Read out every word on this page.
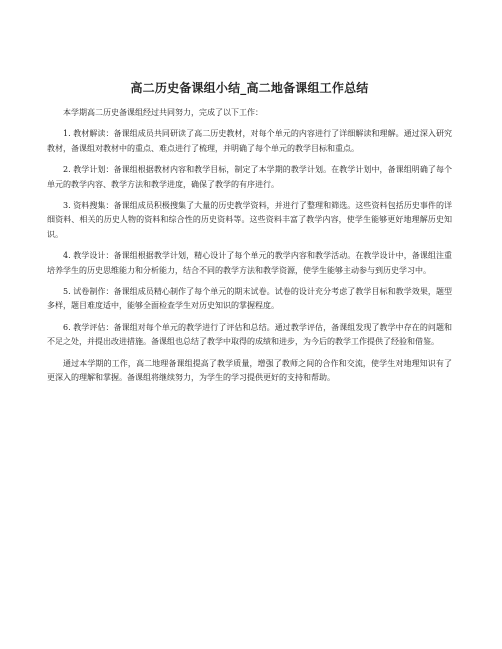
高二历史备课组小结_高二地备课组工作总结

本学期高二历史备课组经过共同努力，完成了以下工作：

1. 教材解读：备课组成员共同研读了高二历史教材，对每个单元的内容进行了详细解读和理解。通过深入研究教材，备课组对教材中的重点、难点进行了梳理，并明确了每个单元的教学目标和重点。

2. 教学计划：备课组根据教材内容和教学目标，制定了本学期的教学计划。在教学计划中，备课组明确了每个单元的教学内容、教学方法和教学进度，确保了教学的有序进行。

3. 资料搜集：备课组成员积极搜集了大量的历史教学资料，并进行了整理和筛选。这些资料包括历史事件的详细资料、相关的历史人物的资料和综合性的历史资料等。这些资料丰富了教学内容，使学生能够更好地理解历史知识。

4. 教学设计：备课组根据教学计划，精心设计了每个单元的教学内容和教学活动。在教学设计中，备课组注重培养学生的历史思维能力和分析能力，结合不同的教学方法和教学资源，使学生能够主动参与到历史学习中。

5. 试卷制作：备课组成员精心制作了每个单元的期末试卷。试卷的设计充分考虑了教学目标和教学效果，题型多样，题目难度适中，能够全面检查学生对历史知识的掌握程度。

6. 教学评估：备课组对每个单元的教学进行了评估和总结。通过教学评估，备课组发现了教学中存在的问题和不足之处，并提出改进措施。备课组也总结了教学中取得的成绩和进步，为今后的教学工作提供了经验和借鉴。

通过本学期的工作，高二地理备课组提高了教学质量，增强了教师之间的合作和交流，使学生对地理知识有了更深入的理解和掌握。备课组将继续努力，为学生的学习提供更好的支持和帮助。
